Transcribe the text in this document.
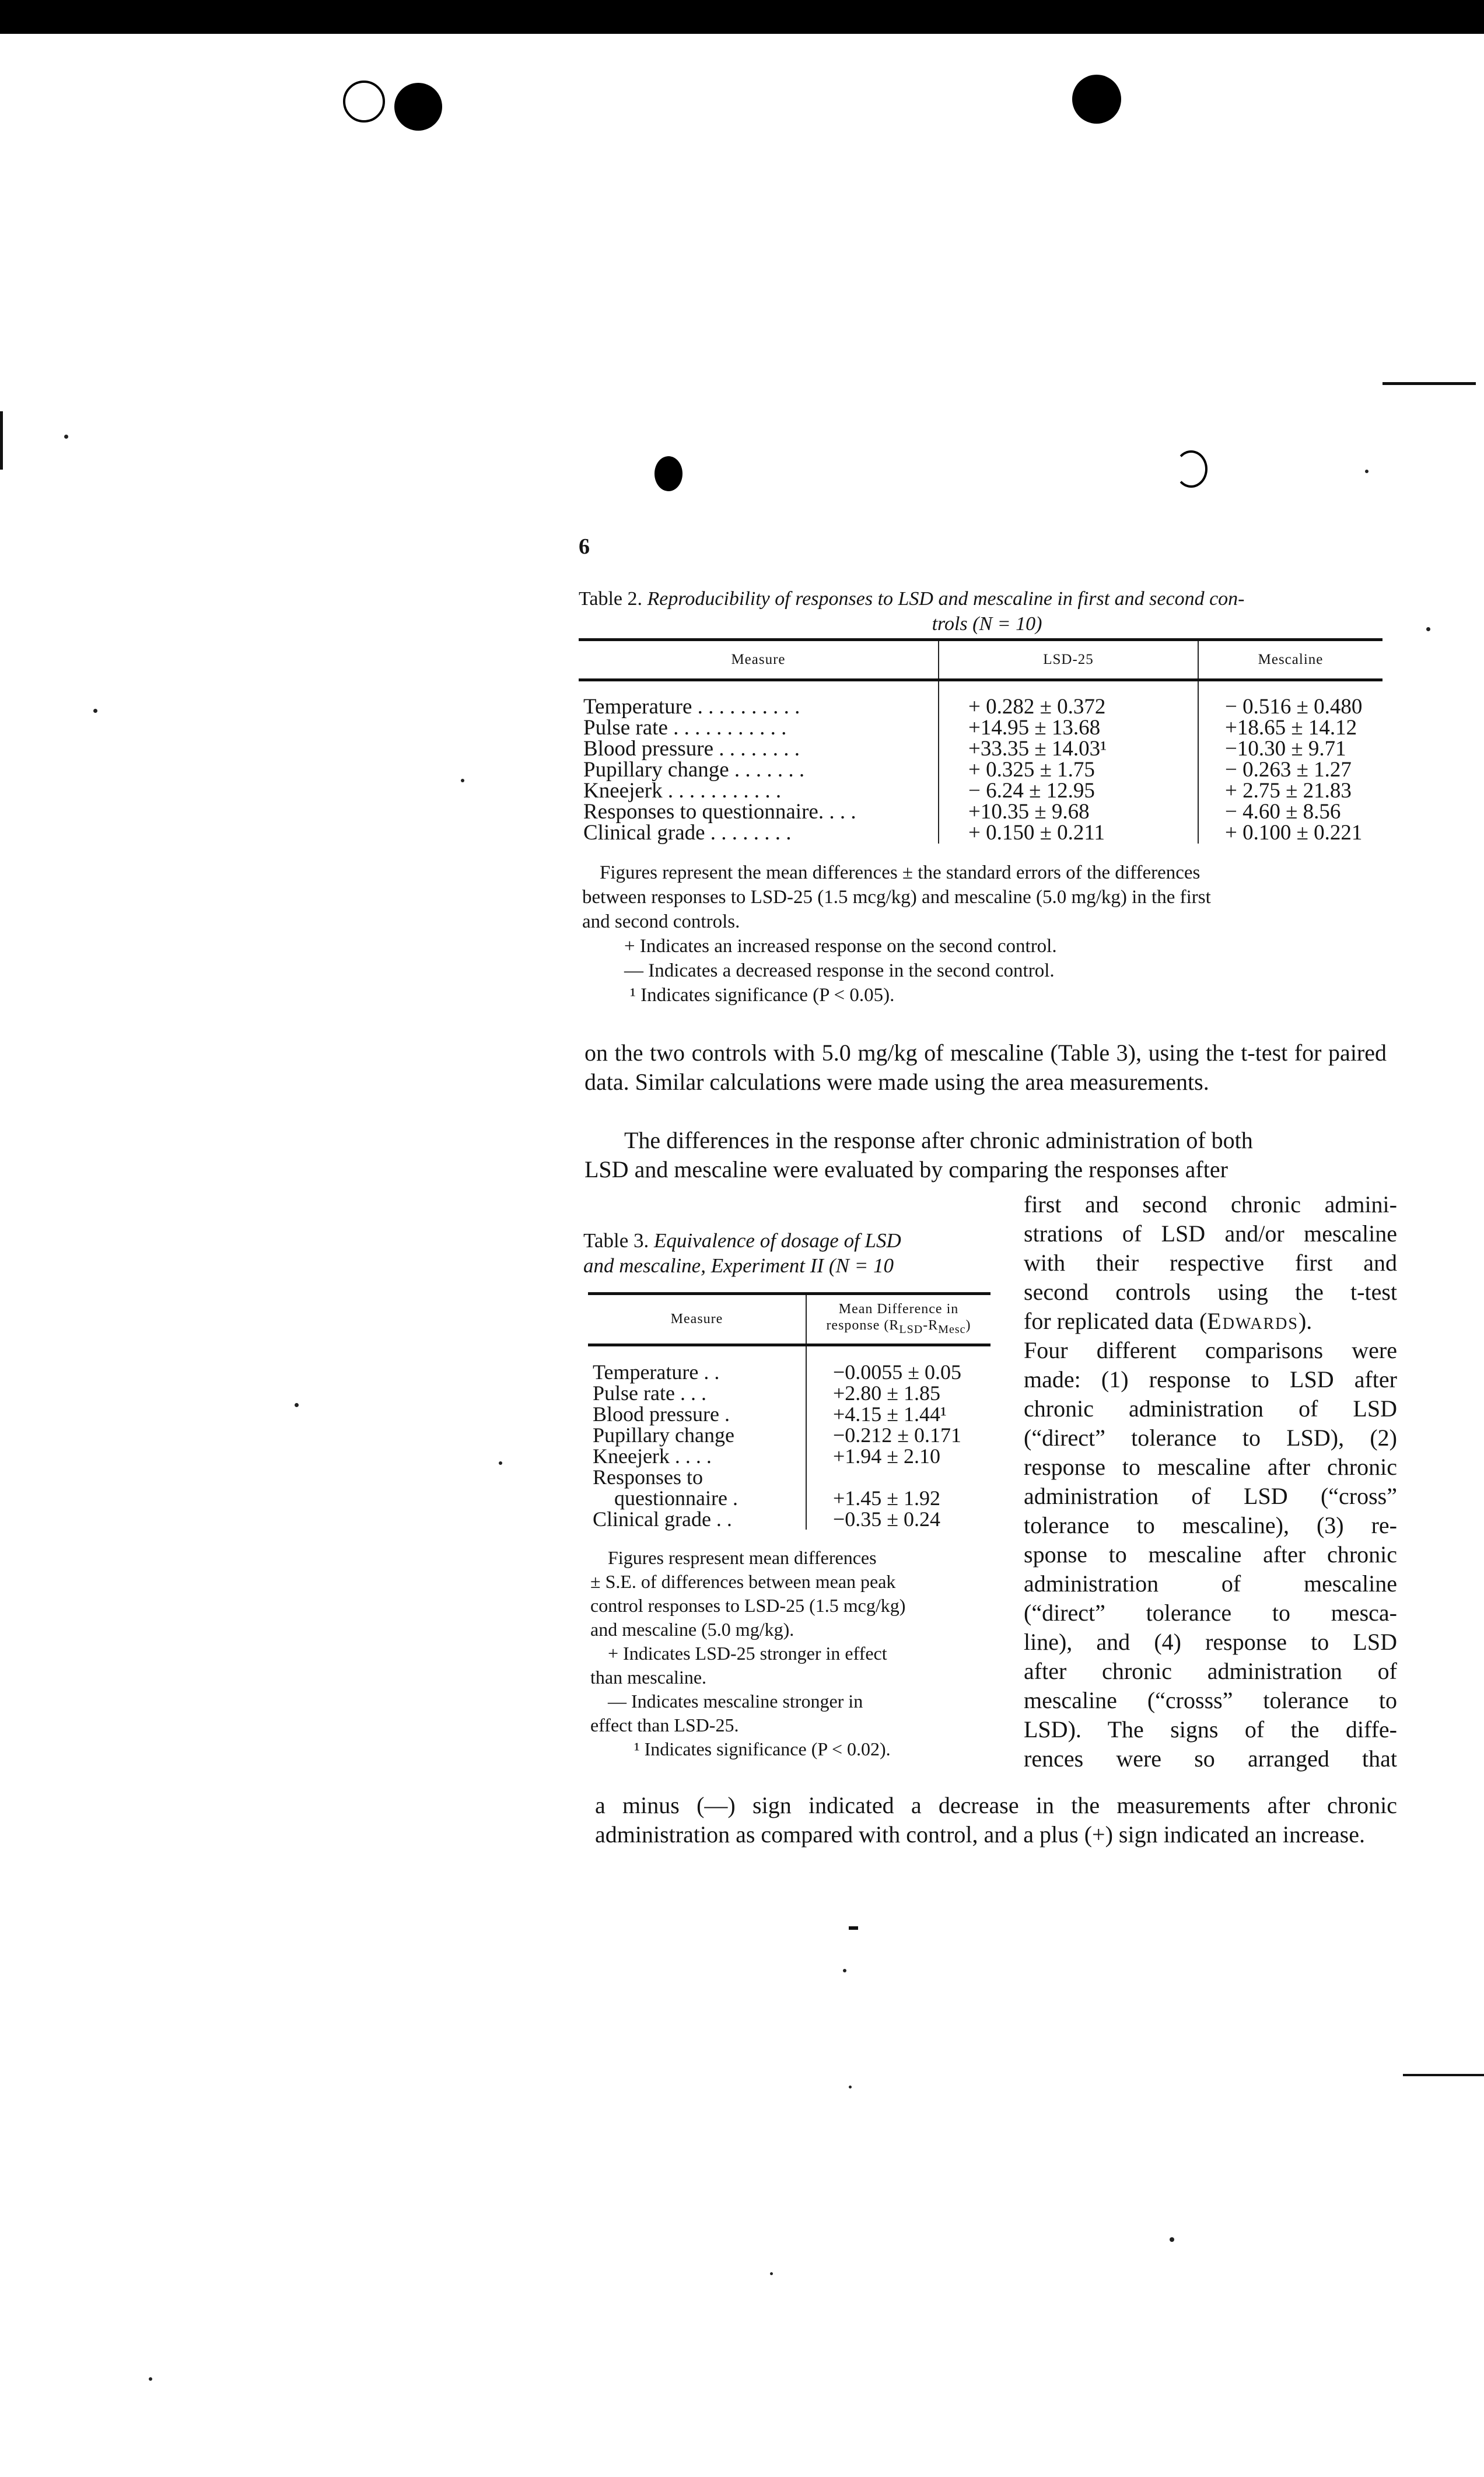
6
Table 2. Reproducibility of responses to LSD and mescaline in first and second con-
trols (N = 10)
Measure	LSD-25	Mescaline
Temperature . . . . . . . . . .	+ 0.282 ± 0.372	− 0.516 ± 0.480
Pulse rate . . . . . . . . . . .	+14.95 ± 13.68	+18.65 ± 14.12
Blood pressure . . . . . . . .	+33.35 ± 14.03¹	−10.30 ± 9.71
Pupillary change . . . . . . .	+ 0.325 ± 1.75	− 0.263 ± 1.27
Kneejerk . . . . . . . . . . .	− 6.24 ± 12.95	+ 2.75 ± 21.83
Responses to questionnaire. . . .	+10.35 ± 9.68	− 4.60 ± 8.56
Clinical grade . . . . . . . .	+ 0.150 ± 0.211	+ 0.100 ± 0.221

Figures represent the mean differences ± the standard errors of the differences

between responses to LSD-25 (1.5 mcg/kg) and mescaline (5.0 mg/kg) in the first

and second controls.

+ Indicates an increased response on the second control.

— Indicates a decreased response in the second control.

¹ Indicates significance (P < 0.05).

on the two controls with 5.0 mg/kg of mescaline (Table 3), using the t-test for paired data. Similar calculations were made using the area measurements.

The differences in the response after chronic administration of both

LSD and mescaline were evaluated by comparing the responses after

Table 3. Equivalence of dosage of LSD
and mescaline, Experiment II (N = 10
Measure	Mean Difference in
response $(R_{LSD}-R_{Mesc})$

Temperature . .	−0.0055 ± 0.05
Pulse rate . . .	+2.80 ± 1.85
Blood pressure .	+4.15 ± 1.44¹
Pupillary change	−0.212 ± 0.171
Kneejerk . . . .	+1.94 ± 2.10
Responses to	
questionnaire .	+1.45 ± 1.92
Clinical grade . .	−0.35 ± 0.24

Figures respresent mean differences

± S.E. of differences between mean peak

control responses to LSD-25 (1.5 mcg/kg)

and mescaline (5.0 mg/kg).

+ Indicates LSD-25 stronger in effect

than mescaline.

— Indicates mescaline stronger in

effect than LSD-25.

¹ Indicates significance (P < 0.02).

first and second chronic admini-

strations of LSD and/or mescaline

with their respective first and

second controls using the t-test

for replicated data (Edwards).

Four different comparisons were

made: (1) response to LSD after

chronic administration of LSD

(“direct” tolerance to LSD), (2)

response to mescaline after chronic

administration of LSD (“cross”

tolerance to mescaline), (3) re-

sponse to mescaline after chronic

administration of mescaline

(“direct” tolerance to mesca-

line), and (4) response to LSD

after chronic administration of

mescaline (“crosss” tolerance to

LSD). The signs of the diffe-

rences were so arranged that

a minus (—) sign indicated a decrease in the measurements after chronic administration as compared with control, and a plus (+) sign indicated an increase.
